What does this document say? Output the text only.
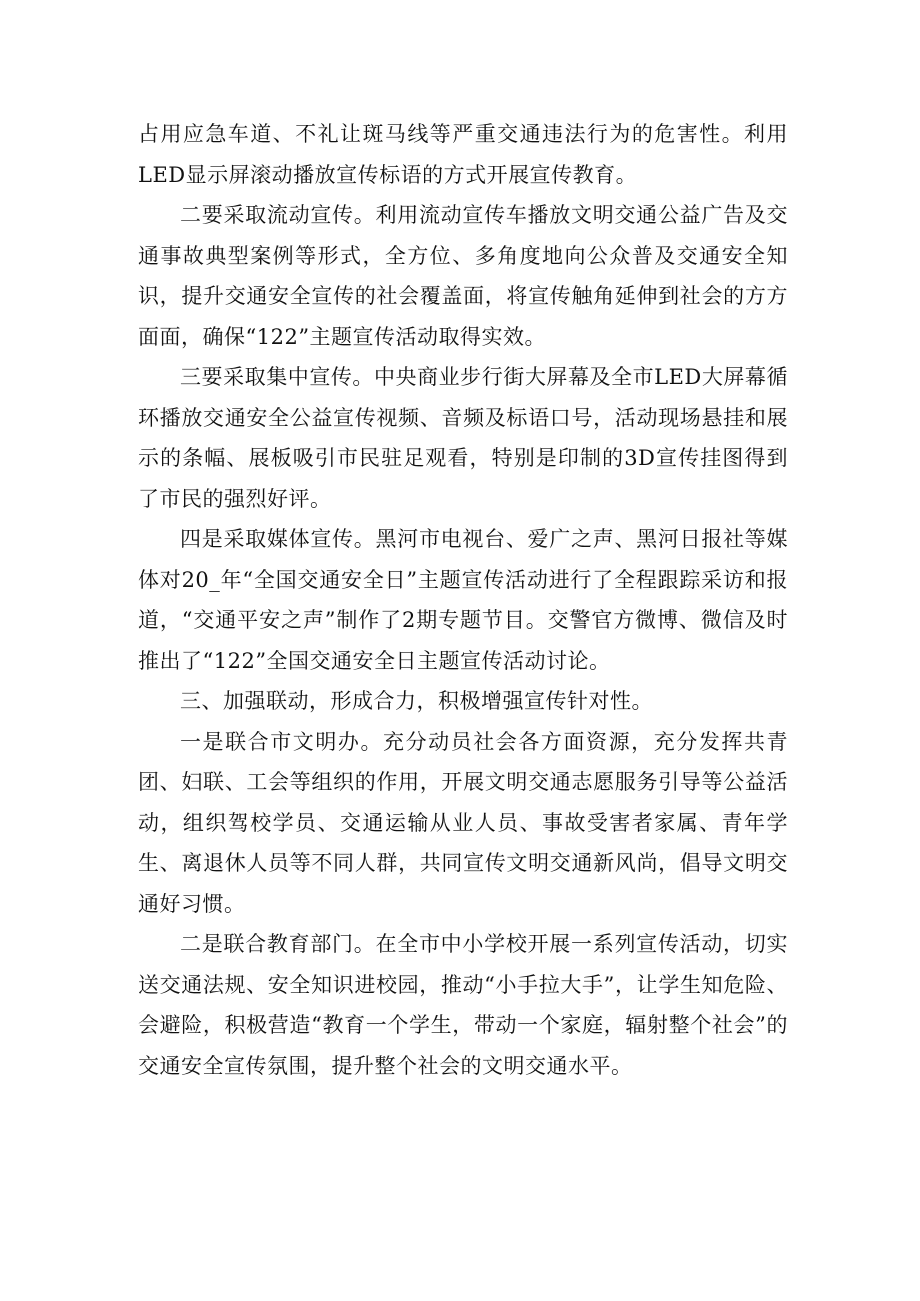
占用应急车道、不礼让斑马线等严重交通违法行为的危害性。利用LED显示屏滚动播放宣传标语的方式开展宣传教育。

二要采取流动宣传。利用流动宣传车播放文明交通公益广告及交通事故典型案例等形式，全方位、多角度地向公众普及交通安全知识，提升交通安全宣传的社会覆盖面，将宣传触角延伸到社会的方方面面，确保“122”主题宣传活动取得实效。

三要采取集中宣传。中央商业步行街大屏幕及全市LED大屏幕循环播放交通安全公益宣传视频、音频及标语口号，活动现场悬挂和展示的条幅、展板吸引市民驻足观看，特别是印制的3D宣传挂图得到了市民的强烈好评。

四是采取媒体宣传。黑河市电视台、爱广之声、黑河日报社等媒体对20_年“全国交通安全日”主题宣传活动进行了全程跟踪采访和报道，“交通平安之声”制作了2期专题节目。交警官方微博、微信及时推出了“122”全国交通安全日主题宣传活动讨论。

三、加强联动，形成合力，积极增强宣传针对性。

一是联合市文明办。充分动员社会各方面资源，充分发挥共青团、妇联、工会等组织的作用，开展文明交通志愿服务引导等公益活动，组织驾校学员、交通运输从业人员、事故受害者家属、青年学生、离退休人员等不同人群，共同宣传文明交通新风尚，倡导文明交通好习惯。

二是联合教育部门。在全市中小学校开展一系列宣传活动，切实送交通法规、安全知识进校园，推动“小手拉大手”，让学生知危险、会避险，积极营造“教育一个学生，带动一个家庭，辐射整个社会”的交通安全宣传氛围，提升整个社会的文明交通水平。
